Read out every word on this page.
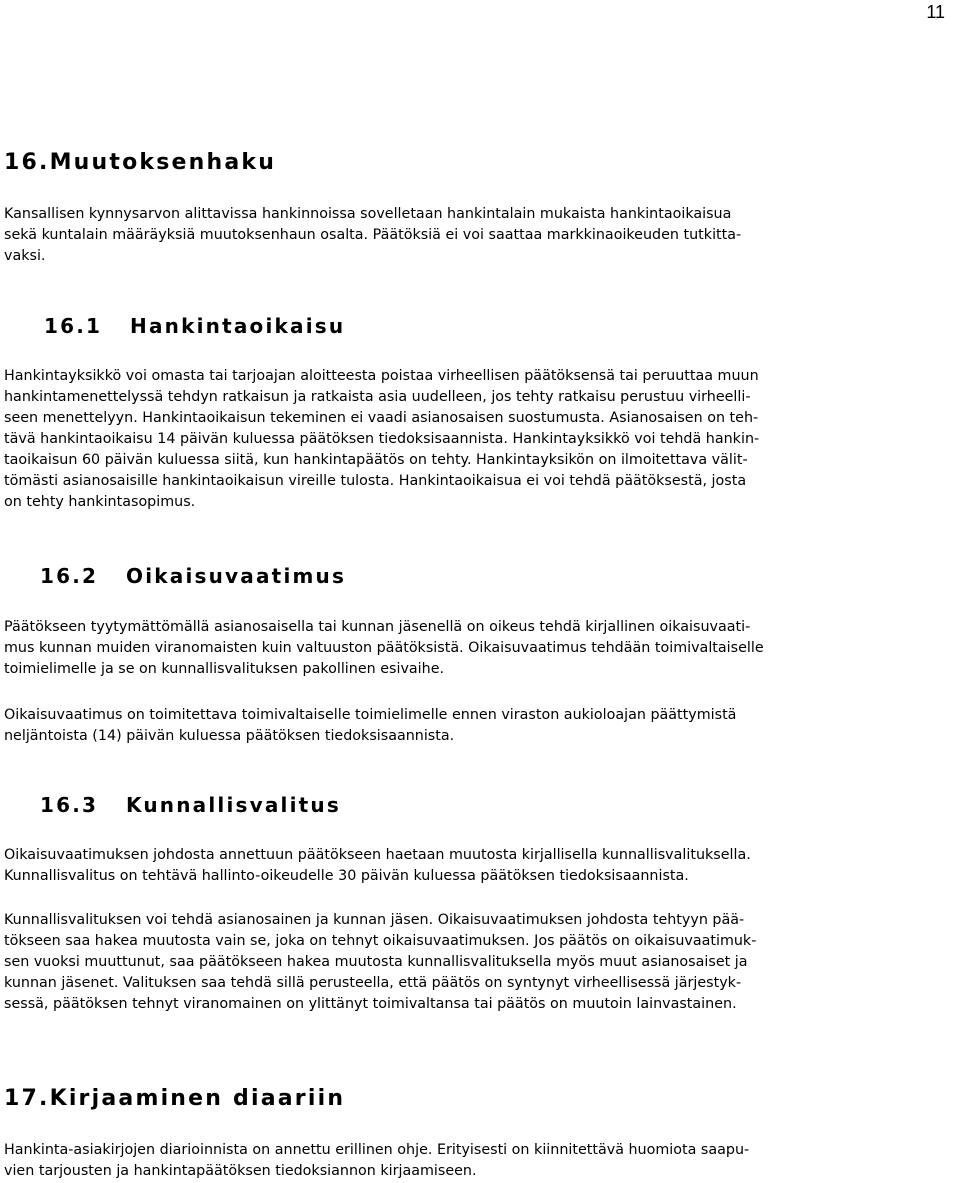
11
16.Muutoksenhaku
Kansallisen kynnysarvon alittavissa hankinnoissa sovelletaan hankintalain mukaista hankintaoikaisua
sekä kuntalain määräyksiä muutoksenhaun osalta. Päätöksiä ei voi saattaa markkinaoikeuden tutkitta-
vaksi.
16.1 Hankintaoikaisu
Hankintayksikkö voi omasta tai tarjoajan aloitteesta poistaa virheellisen päätöksensä tai peruuttaa muun
hankintamenettelyssä tehdyn ratkaisun ja ratkaista asia uudelleen, jos tehty ratkaisu perustuu virheelli-
seen menettelyyn. Hankintaoikaisun tekeminen ei vaadi asianosaisen suostumusta. Asianosaisen on teh-
tävä hankintaoikaisu 14 päivän kuluessa päätöksen tiedoksisaannista. Hankintayksikkö voi tehdä hankin-
taoikaisun 60 päivän kuluessa siitä, kun hankintapäätös on tehty. Hankintayksikön on ilmoitettava välit-
tömästi asianosaisille hankintaoikaisun vireille tulosta. Hankintaoikaisua ei voi tehdä päätöksestä, josta
on tehty hankintasopimus.
16.2 Oikaisuvaatimus
Päätökseen tyytymättömällä asianosaisella tai kunnan jäsenellä on oikeus tehdä kirjallinen oikaisuvaati-
mus kunnan muiden viranomaisten kuin valtuuston päätöksistä. Oikaisuvaatimus tehdään toimivaltaiselle
toimielimelle ja se on kunnallisvalituksen pakollinen esivaihe.
Oikaisuvaatimus on toimitettava toimivaltaiselle toimielimelle ennen viraston aukioloajan päättymistä
neljäntoista (14) päivän kuluessa päätöksen tiedoksisaannista.
16.3 Kunnallisvalitus
Oikaisuvaatimuksen johdosta annettuun päätökseen haetaan muutosta kirjallisella kunnallisvalituksella.
Kunnallisvalitus on tehtävä hallinto-oikeudelle 30 päivän kuluessa päätöksen tiedoksisaannista.
Kunnallisvalituksen voi tehdä asianosainen ja kunnan jäsen. Oikaisuvaatimuksen johdosta tehtyyn pää-
tökseen saa hakea muutosta vain se, joka on tehnyt oikaisuvaatimuksen. Jos päätös on oikaisuvaatimuk-
sen vuoksi muuttunut, saa päätökseen hakea muutosta kunnallisvalituksella myös muut asianosaiset ja
kunnan jäsenet. Valituksen saa tehdä sillä perusteella, että päätös on syntynyt virheellisessä järjestyk-
sessä, päätöksen tehnyt viranomainen on ylittänyt toimivaltansa tai päätös on muutoin lainvastainen.
17.Kirjaaminen diaariin
Hankinta-asiakirjojen diarioinnista on annettu erillinen ohje. Erityisesti on kiinnitettävä huomiota saapu-
vien tarjousten ja hankintapäätöksen tiedoksiannon kirjaamiseen.
